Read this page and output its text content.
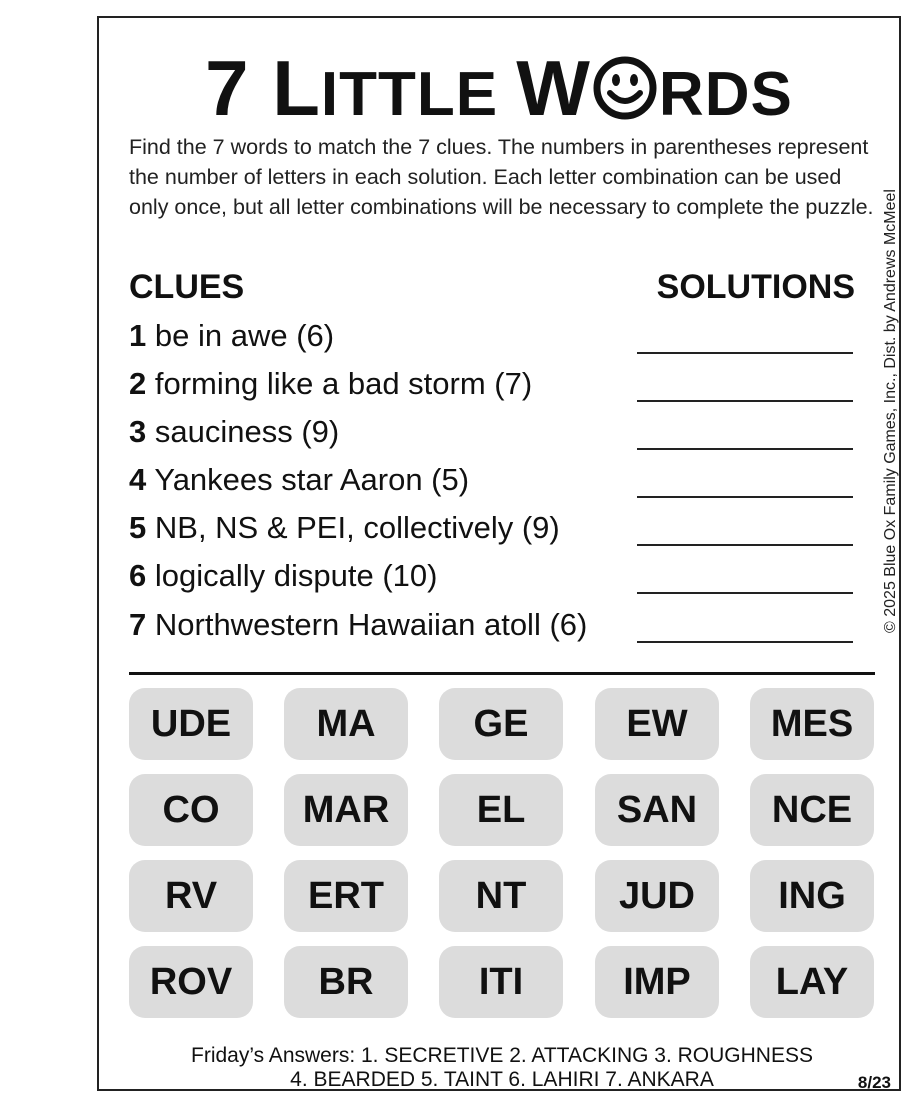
7 LITTLE W RDS
Find the 7 words to match the 7 clues. The numbers in parentheses represent the number of letters in each solution. Each letter combination can be used only once, but all letter combinations will be necessary to complete the puzzle. © 2025 Blue Ox Family Games, Inc., Dist. by Andrews McMeel
CLUES	SOLUTIONS
1 be in awe (6)
2 forming like a bad storm (7)
3 sauciness (9)
4 Yankees star Aaron (5)
5 NB, NS & PEI, collectively (9)
6 logically dispute (10)
7 Northwestern Hawaiian atoll (6)
UDE	MA	GE	EW	MES
CO	MAR	EL	SAN	NCE
RV	ERT	NT	JUD	ING
ROV	BR	ITI	IMP	LAY
Friday’s Answers: 1. SECRETIVE 2. ATTACKING 3. ROUGHNESS
4. BEARDED 5. TAINT 6. LAHIRI 7. ANKARA	8/23
